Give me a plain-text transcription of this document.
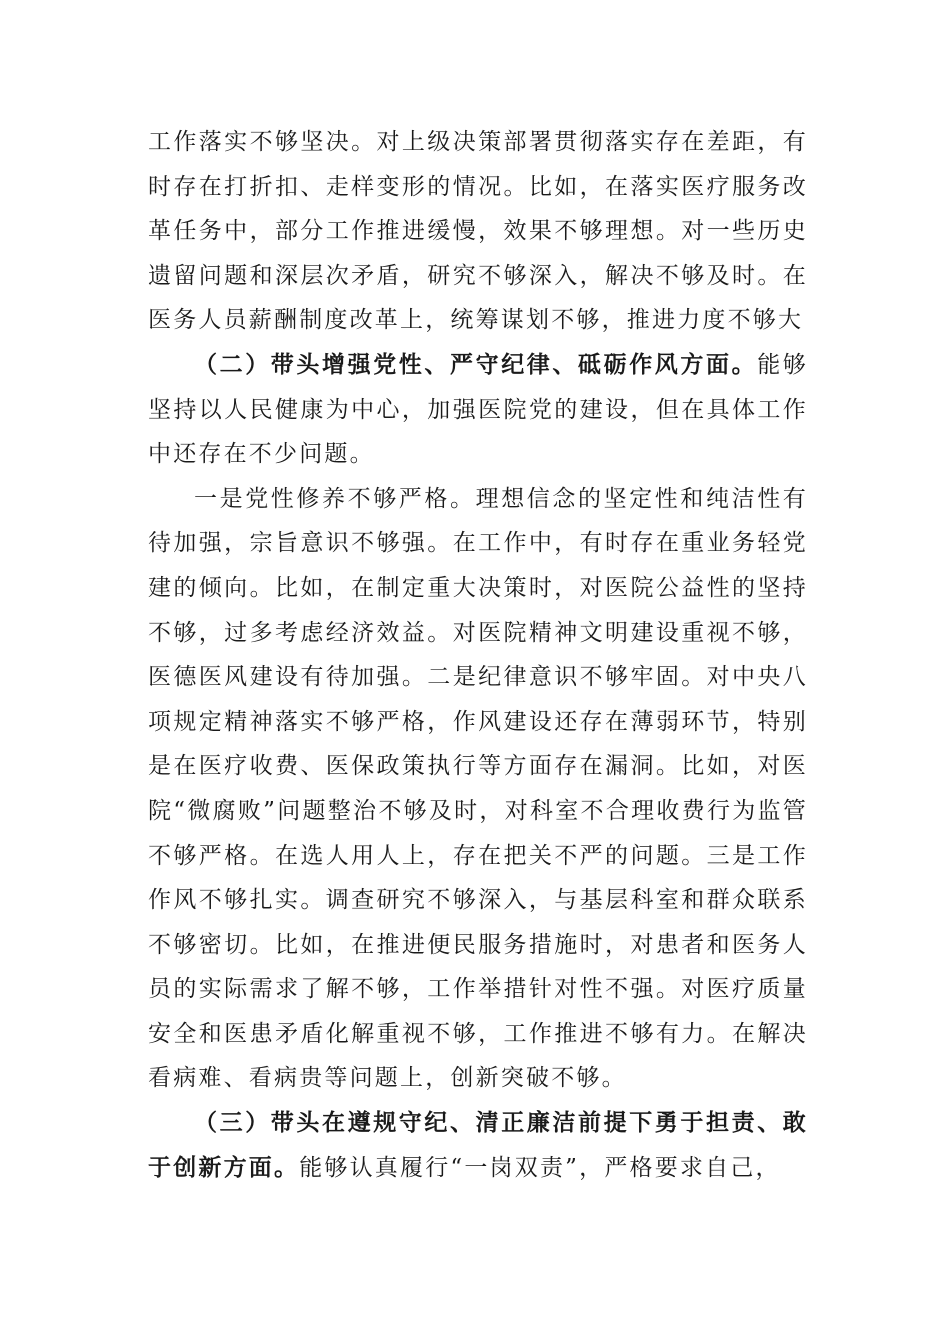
工作落实不够坚决。对上级决策部署贯彻落实存在差距，有时存在打折扣、走样变形的情况。比如，在落实医疗服务改革任务中，部分工作推进缓慢，效果不够理想。对一些历史遗留问题和深层次矛盾，研究不够深入，解决不够及时。在医务人员薪酬制度改革上，统筹谋划不够，推进力度不够大

（二）带头增强党性、严守纪律、砥砺作风方面。能够坚持以人民健康为中心，加强医院党的建设，但在具体工作中还存在不少问题。

一是党性修养不够严格。理想信念的坚定性和纯洁性有待加强，宗旨意识不够强。在工作中，有时存在重业务轻党建的倾向。比如，在制定重大决策时，对医院公益性的坚持不够，过多考虑经济效益。对医院精神文明建设重视不够，医德医风建设有待加强。二是纪律意识不够牢固。对中央八项规定精神落实不够严格，作风建设还存在薄弱环节，特别是在医疗收费、医保政策执行等方面存在漏洞。比如，对医院“微腐败”问题整治不够及时，对科室不合理收费行为监管不够严格。在选人用人上，存在把关不严的问题。三是工作作风不够扎实。调查研究不够深入，与基层科室和群众联系不够密切。比如，在推进便民服务措施时，对患者和医务人员的实际需求了解不够，工作举措针对性不强。对医疗质量安全和医患矛盾化解重视不够，工作推进不够有力。在解决看病难、看病贵等问题上，创新突破不够。

（三）带头在遵规守纪、清正廉洁前提下勇于担责、敢于创新方面。能够认真履行“一岗双责”，严格要求自己，
